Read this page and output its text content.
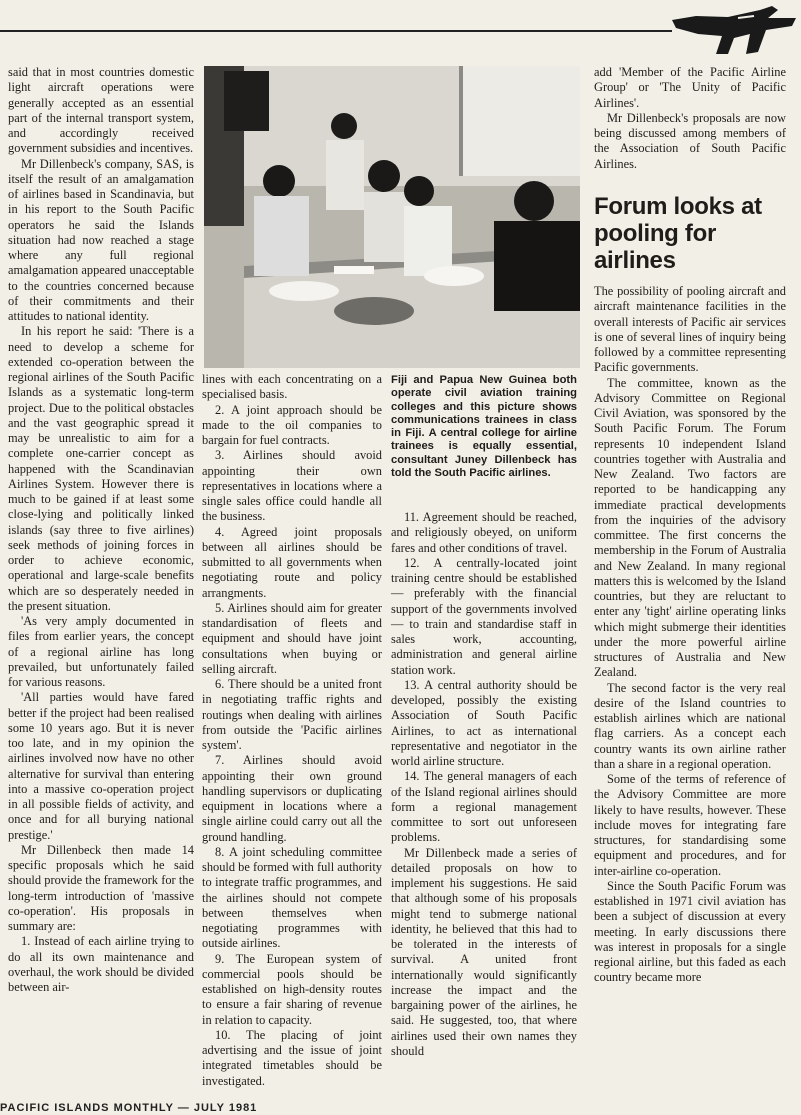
said that in most countries domestic light aircraft operations were generally accepted as an essential part of the internal transport system, and accordingly received government subsidies and incentives.

Mr Dillenbeck's company, SAS, is itself the result of an amalgamation of airlines based in Scandinavia, but in his report to the South Pacific operators he said the Islands situation had now reached a stage where any full regional amalgamation appeared unacceptable to the countries concerned because of their commitments and their attitudes to national identity.

In his report he said: 'There is a need to develop a scheme for extended co-operation between the regional airlines of the South Pacific Islands as a systematic long-term project. Due to the political obstacles and the vast geographic spread it may be unrealistic to aim for a complete one-carrier concept as happened with the Scandinavian Airlines System. However there is much to be gained if at least some close-lying and politically linked islands (say three to five airlines) seek methods of joining forces in order to achieve economic, operational and large-scale benefits which are so desperately needed in the present situation.

'As very amply documented in files from earlier years, the concept of a regional airline has long prevailed, but unfortunately failed for various reasons.

'All parties would have fared better if the project had been realised some 10 years ago. But it is never too late, and in my opinion the airlines involved now have no other alternative for survival than entering into a massive co-operation project in all possible fields of activity, and once and for all burying national prestige.'

Mr Dillenbeck then made 14 specific proposals which he said should provide the framework for the long-term introduction of 'massive co-operation'. His proposals in summary are:

1. Instead of each airline trying to do all its own maintenance and overhaul, the work should be divided between air-

Fiji and Papua New Guinea both operate civil aviation training colleges and this picture shows communications trainees in class in Fiji. A central college for airline trainees is equally essential, consultant Juney Dillenbeck has told the South Pacific airlines.

lines with each concentrating on a specialised basis.

2. A joint approach should be made to the oil companies to bargain for fuel contracts.

3. Airlines should avoid appointing their own representatives in locations where a single sales office could handle all the business.

4. Agreed joint proposals between all airlines should be submitted to all governments when negotiating route and policy arrangments.

5. Airlines should aim for greater standardisation of fleets and equipment and should have joint consultations when buying or selling aircraft.

6. There should be a united front in negotiating traffic rights and routings when dealing with airlines from outside the 'Pacific airlines system'.

7. Airlines should avoid appointing their own ground handling supervisors or duplicating equipment in locations where a single airline could carry out all the ground handling.

8. A joint scheduling committee should be formed with full authority to integrate traffic programmes, and the airlines should not compete between themselves when negotiating programmes with outside airlines.

9. The European system of commercial pools should be established on high-density routes to ensure a fair sharing of revenue in relation to capacity.

10. The placing of joint advertising and the issue of joint integrated timetables should be investigated.

11. Agreement should be reached, and religiously obeyed, on uniform fares and other conditions of travel.

12. A centrally-located joint training centre should be established — preferably with the financial support of the governments involved — to train and standardise staff in sales work, accounting, administration and general airline station work.

13. A central authority should be developed, possibly the existing Association of South Pacific Airlines, to act as international representative and negotiator in the world airline structure.

14. The general managers of each of the Island regional airlines should form a regional management committee to sort out unforeseen problems.

Mr Dillenbeck made a series of detailed proposals on how to implement his suggestions. He said that although some of his proposals might tend to submerge national identity, he believed that this had to be tolerated in the interests of survival. A united front internationally would significantly increase the impact and the bargaining power of the airlines, he said. He suggested, too, that where airlines used their own names they should

add 'Member of the Pacific Airline Group' or 'The Unity of Pacific Airlines'.

Mr Dillenbeck's proposals are now being discussed among members of the Association of South Pacific Airlines.

Forum looks at pooling for airlines

The possibility of pooling aircraft and aircraft maintenance facilities in the overall interests of Pacific air services is one of several lines of inquiry being followed by a committee representing Pacific governments.

The committee, known as the Advisory Committee on Regional Civil Aviation, was sponsored by the South Pacific Forum. The Forum represents 10 independent Island countries together with Australia and New Zealand. Two factors are reported to be handicapping any immediate practical developments from the inquiries of the advisory committee. The first concerns the membership in the Forum of Australia and New Zealand. In many regional matters this is welcomed by the Island countries, but they are reluctant to enter any 'tight' airline operating links which might submerge their identities under the more powerful airline structures of Australia and New Zealand.

The second factor is the very real desire of the Island countries to establish airlines which are national flag carriers. As a concept each country wants its own airline rather than a share in a regional operation.

Some of the terms of reference of the Advisory Committee are more likely to have results, however. These include moves for integrating fare structures, for standardising some equipment and procedures, and for inter-airline co-operation.

Since the South Pacific Forum was established in 1971 civil aviation has been a subject of discussion at every meeting. In early discussions there was interest in proposals for a single regional airline, but this faded as each country became more

PACIFIC ISLANDS MONTHLY — JULY 1981
